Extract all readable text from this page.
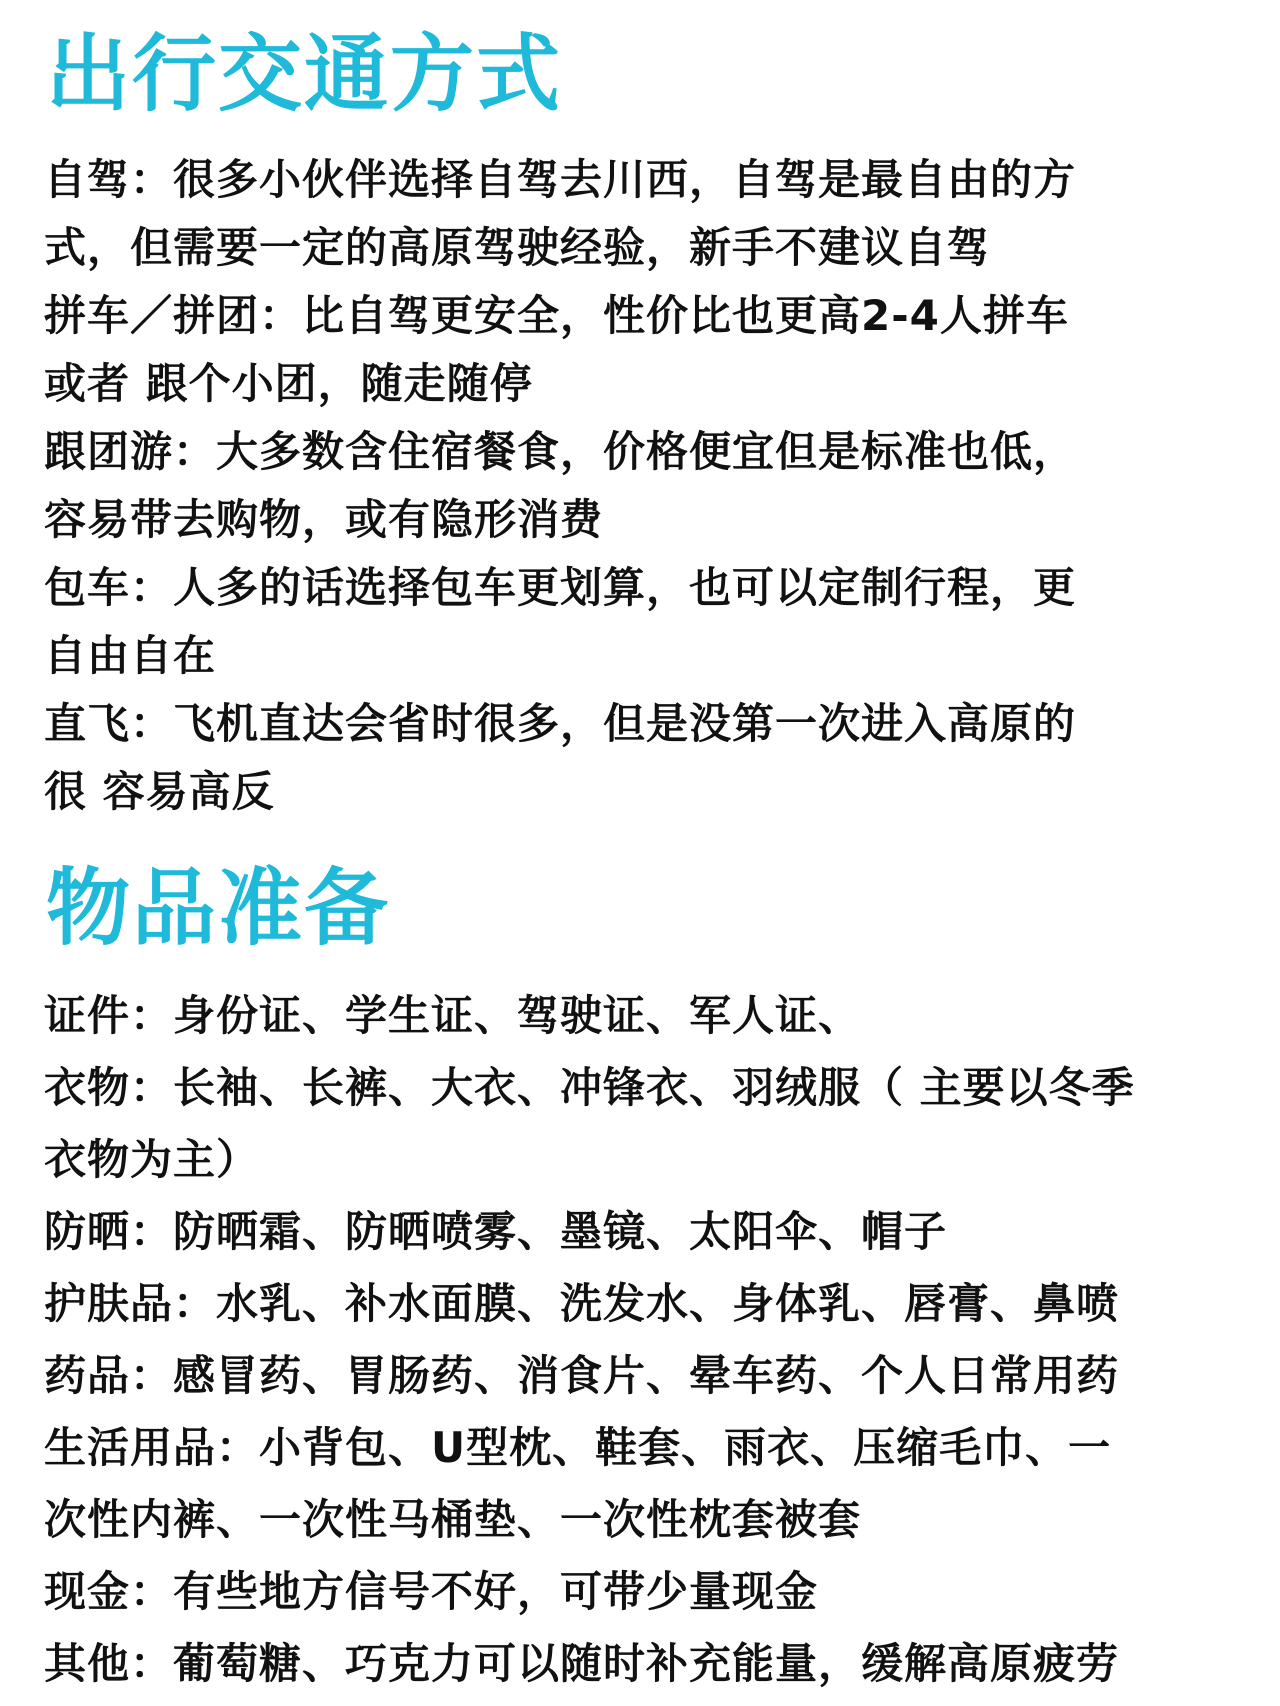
出行交通方式

自驾：很多小伙伴选择自驾去川西，自驾是最自由的方

式，但需要一定的高原驾驶经验，新手不建议自驾

拼车／拼团：比自驾更安全，性价比也更高2-4人拼车

或者 跟个小团，随走随停

跟团游：大多数含住宿餐食，价格便宜但是标准也低，

容易带去购物，或有隐形消费

包车：人多的话选择包车更划算，也可以定制行程，更

自由自在

直飞：飞机直达会省时很多，但是没第一次进入高原的

很 容易高反

物品准备

证件：身份证、学生证、驾驶证、军人证、

衣物：长袖、长裤、大衣、冲锋衣、羽绒服（ 主要以冬季

衣物为主）

防晒：防晒霜、防晒喷雾、墨镜、太阳伞、帽子

护肤品：水乳、补水面膜、洗发水、身体乳、唇膏、鼻喷

药品：感冒药、胃肠药、消食片、晕车药、个人日常用药

生活用品：小背包、U型枕、鞋套、雨衣、压缩毛巾、一

次性内裤、一次性马桶垫、一次性枕套被套

现金：有些地方信号不好，可带少量现金

其他：葡萄糖、巧克力可以随时补充能量，缓解高原疲劳
